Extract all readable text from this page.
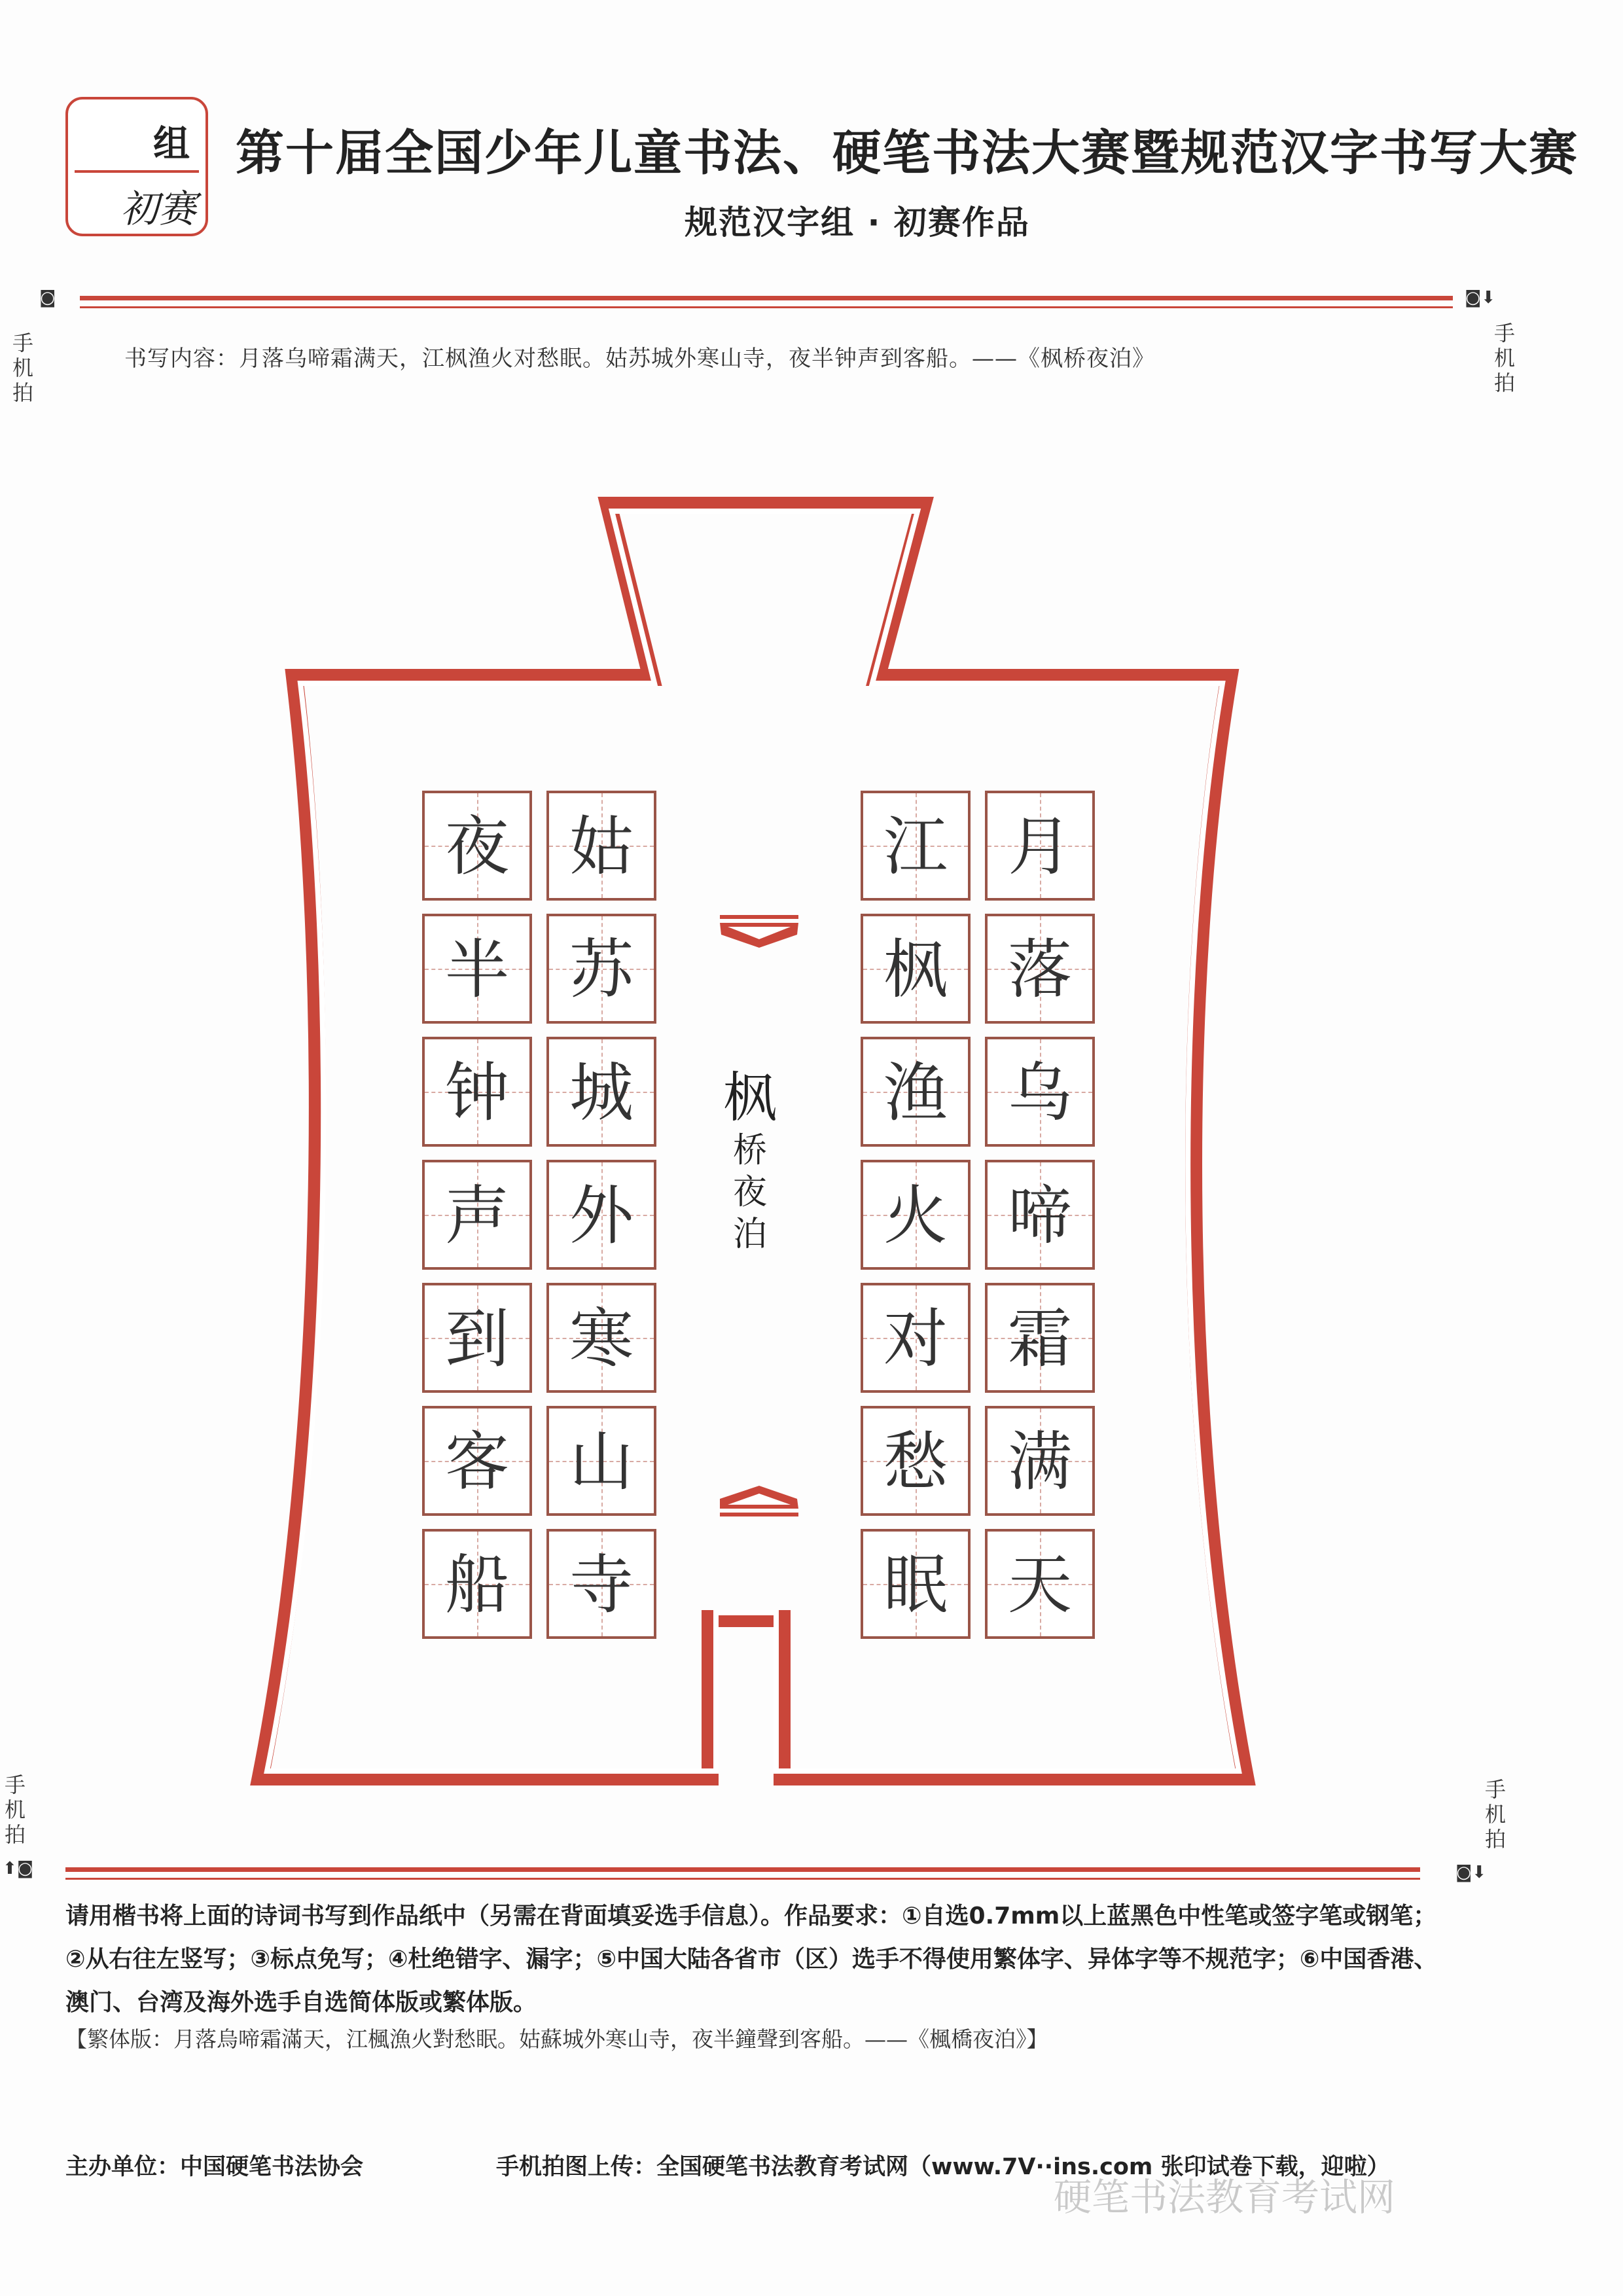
组
初赛
第十届全国少年儿童书法、硬笔书法大赛暨规范汉字书写大赛
规范汉字组 · 初赛作品
◙⬇
◙
手机拍
手机拍
书写内容：月落乌啼霜满天，江枫渔火对愁眠。姑苏城外寒山寺，夜半钟声到客船。——《枫桥夜泊》
月
落
乌
啼
霜
满
天
江
枫
渔
火
对
愁
眠
姑
苏
城
外
寒
山
寺
夜
半
钟
声
到
客
船
枫
桥
夜
泊
手机拍
手机拍
◙⬇
⬆◙
请用楷书将上面的诗词书写到作品纸中（另需在背面填妥选手信息）。作品要求：①自选0.7mm以上蓝黑色中性笔或签字笔或钢笔；②从右往左竖写；③标点免写；④杜绝错字、漏字；⑤中国大陆各省市（区）选手不得使用繁体字、异体字等不规范字；⑥中国香港、澳门、台湾及海外选手自选简体版或繁体版。
【繁体版：月落烏啼霜滿天，江楓漁火對愁眠。姑蘇城外寒山寺，夜半鐘聲到客船。——《楓橋夜泊》】
主办单位：中国硬笔书法协会	手机拍图上传：全国硬笔书法教育考试网（www.7V··ins.com 张印试卷下载，迎啦）
硬笔书法教育考试网
